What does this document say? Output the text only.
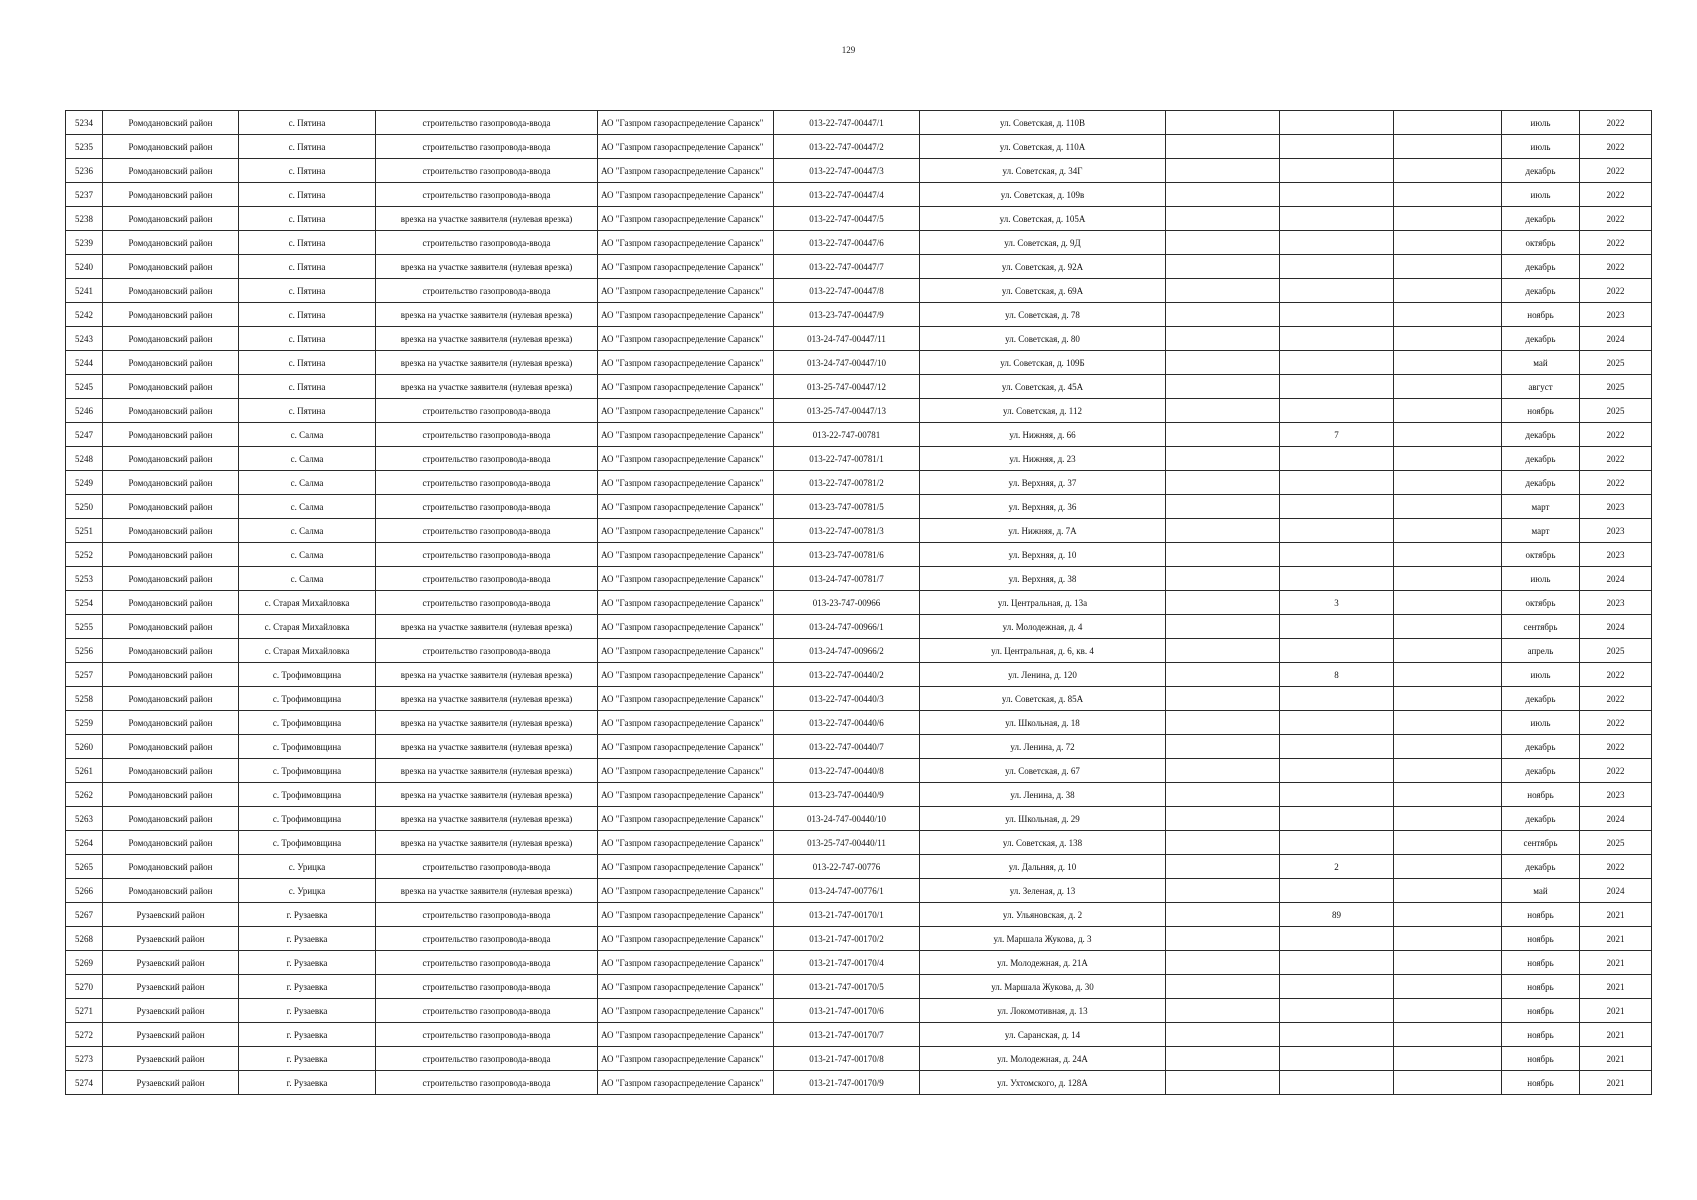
129
5234	Ромодановский район	с. Пятина	строительство газопровода-ввода	АО "Газпром газораспределение Саранск"	013-22-747-00447/1	ул. Советская, д. 110В				июль	2022
5235	Ромодановский район	с. Пятина	строительство газопровода-ввода	АО "Газпром газораспределение Саранск"	013-22-747-00447/2	ул. Советская, д. 110А				июль	2022
5236	Ромодановский район	с. Пятина	строительство газопровода-ввода	АО "Газпром газораспределение Саранск"	013-22-747-00447/3	ул. Советская, д. 34Г				декабрь	2022
5237	Ромодановский район	с. Пятина	строительство газопровода-ввода	АО "Газпром газораспределение Саранск"	013-22-747-00447/4	ул. Советская, д. 109в				июль	2022
5238	Ромодановский район	с. Пятина	врезка на участке заявителя (нулевая врезка)	АО "Газпром газораспределение Саранск"	013-22-747-00447/5	ул. Советская, д. 105А				декабрь	2022
5239	Ромодановский район	с. Пятина	строительство газопровода-ввода	АО "Газпром газораспределение Саранск"	013-22-747-00447/6	ул. Советская, д. 9Д				октябрь	2022
5240	Ромодановский район	с. Пятина	врезка на участке заявителя (нулевая врезка)	АО "Газпром газораспределение Саранск"	013-22-747-00447/7	ул. Советская, д. 92А				декабрь	2022
5241	Ромодановский район	с. Пятина	строительство газопровода-ввода	АО "Газпром газораспределение Саранск"	013-22-747-00447/8	ул. Советская, д. 69А				декабрь	2022
5242	Ромодановский район	с. Пятина	врезка на участке заявителя (нулевая врезка)	АО "Газпром газораспределение Саранск"	013-23-747-00447/9	ул. Советская, д. 78				ноябрь	2023
5243	Ромодановский район	с. Пятина	врезка на участке заявителя (нулевая врезка)	АО "Газпром газораспределение Саранск"	013-24-747-00447/11	ул. Советская, д. 80				декабрь	2024
5244	Ромодановский район	с. Пятина	врезка на участке заявителя (нулевая врезка)	АО "Газпром газораспределение Саранск"	013-24-747-00447/10	ул. Советская, д. 109Б				май	2025
5245	Ромодановский район	с. Пятина	врезка на участке заявителя (нулевая врезка)	АО "Газпром газораспределение Саранск"	013-25-747-00447/12	ул. Советская, д. 45А				август	2025
5246	Ромодановский район	с. Пятина	строительство газопровода-ввода	АО "Газпром газораспределение Саранск"	013-25-747-00447/13	ул. Советская, д. 112				ноябрь	2025
5247	Ромодановский район	с. Салма	строительство газопровода-ввода	АО "Газпром газораспределение Саранск"	013-22-747-00781	ул. Нижняя, д. 66		7		декабрь	2022
5248	Ромодановский район	с. Салма	строительство газопровода-ввода	АО "Газпром газораспределение Саранск"	013-22-747-00781/1	ул. Нижняя, д. 23				декабрь	2022
5249	Ромодановский район	с. Салма	строительство газопровода-ввода	АО "Газпром газораспределение Саранск"	013-22-747-00781/2	ул. Верхняя, д. 37				декабрь	2022
5250	Ромодановский район	с. Салма	строительство газопровода-ввода	АО "Газпром газораспределение Саранск"	013-23-747-00781/5	ул. Верхняя, д. 36				март	2023
5251	Ромодановский район	с. Салма	строительство газопровода-ввода	АО "Газпром газораспределение Саранск"	013-22-747-00781/3	ул. Нижняя, д. 7А				март	2023
5252	Ромодановский район	с. Салма	строительство газопровода-ввода	АО "Газпром газораспределение Саранск"	013-23-747-00781/6	ул. Верхняя, д. 10				октябрь	2023
5253	Ромодановский район	с. Салма	строительство газопровода-ввода	АО "Газпром газораспределение Саранск"	013-24-747-00781/7	ул. Верхняя, д. 38				июль	2024
5254	Ромодановский район	с. Старая Михайловка	строительство газопровода-ввода	АО "Газпром газораспределение Саранск"	013-23-747-00966	ул. Центральная, д. 13а		3		октябрь	2023
5255	Ромодановский район	с. Старая Михайловка	врезка на участке заявителя (нулевая врезка)	АО "Газпром газораспределение Саранск"	013-24-747-00966/1	ул. Молодежная, д. 4				сентябрь	2024
5256	Ромодановский район	с. Старая Михайловка	строительство газопровода-ввода	АО "Газпром газораспределение Саранск"	013-24-747-00966/2	ул. Центральная, д. 6, кв. 4				апрель	2025
5257	Ромодановский район	с. Трофимовщина	врезка на участке заявителя (нулевая врезка)	АО "Газпром газораспределение Саранск"	013-22-747-00440/2	ул. Ленина, д. 120		8		июль	2022
5258	Ромодановский район	с. Трофимовщина	врезка на участке заявителя (нулевая врезка)	АО "Газпром газораспределение Саранск"	013-22-747-00440/3	ул. Советская, д. 85А				декабрь	2022
5259	Ромодановский район	с. Трофимовщина	врезка на участке заявителя (нулевая врезка)	АО "Газпром газораспределение Саранск"	013-22-747-00440/6	ул. Школьная, д. 18				июль	2022
5260	Ромодановский район	с. Трофимовщина	врезка на участке заявителя (нулевая врезка)	АО "Газпром газораспределение Саранск"	013-22-747-00440/7	ул. Ленина, д. 72				декабрь	2022
5261	Ромодановский район	с. Трофимовщина	врезка на участке заявителя (нулевая врезка)	АО "Газпром газораспределение Саранск"	013-22-747-00440/8	ул. Советская, д. 67				декабрь	2022
5262	Ромодановский район	с. Трофимовщина	врезка на участке заявителя (нулевая врезка)	АО "Газпром газораспределение Саранск"	013-23-747-00440/9	ул. Ленина, д. 38				ноябрь	2023
5263	Ромодановский район	с. Трофимовщина	врезка на участке заявителя (нулевая врезка)	АО "Газпром газораспределение Саранск"	013-24-747-00440/10	ул. Школьная, д. 29				декабрь	2024
5264	Ромодановский район	с. Трофимовщина	врезка на участке заявителя (нулевая врезка)	АО "Газпром газораспределение Саранск"	013-25-747-00440/11	ул. Советская, д. 138				сентябрь	2025
5265	Ромодановский район	с. Урицка	строительство газопровода-ввода	АО "Газпром газораспределение Саранск"	013-22-747-00776	ул. Дальняя, д. 10		2		декабрь	2022
5266	Ромодановский район	с. Урицка	врезка на участке заявителя (нулевая врезка)	АО "Газпром газораспределение Саранск"	013-24-747-00776/1	ул. Зеленая, д. 13				май	2024
5267	Рузаевский район	г. Рузаевка	строительство газопровода-ввода	АО "Газпром газораспределение Саранск"	013-21-747-00170/1	ул. Ульяновская, д. 2		89		ноябрь	2021
5268	Рузаевский район	г. Рузаевка	строительство газопровода-ввода	АО "Газпром газораспределение Саранск"	013-21-747-00170/2	ул. Маршала Жукова, д. 3				ноябрь	2021
5269	Рузаевский район	г. Рузаевка	строительство газопровода-ввода	АО "Газпром газораспределение Саранск"	013-21-747-00170/4	ул. Молодежная, д. 21А				ноябрь	2021
5270	Рузаевский район	г. Рузаевка	строительство газопровода-ввода	АО "Газпром газораспределение Саранск"	013-21-747-00170/5	ул. Маршала Жукова, д. 30				ноябрь	2021
5271	Рузаевский район	г. Рузаевка	строительство газопровода-ввода	АО "Газпром газораспределение Саранск"	013-21-747-00170/6	ул. Локомотивная, д. 13				ноябрь	2021
5272	Рузаевский район	г. Рузаевка	строительство газопровода-ввода	АО "Газпром газораспределение Саранск"	013-21-747-00170/7	ул. Саранская, д. 14				ноябрь	2021
5273	Рузаевский район	г. Рузаевка	строительство газопровода-ввода	АО "Газпром газораспределение Саранск"	013-21-747-00170/8	ул. Молодежная, д. 24А				ноябрь	2021
5274	Рузаевский район	г. Рузаевка	строительство газопровода-ввода	АО "Газпром газораспределение Саранск"	013-21-747-00170/9	ул. Ухтомского, д. 128А				ноябрь	2021
